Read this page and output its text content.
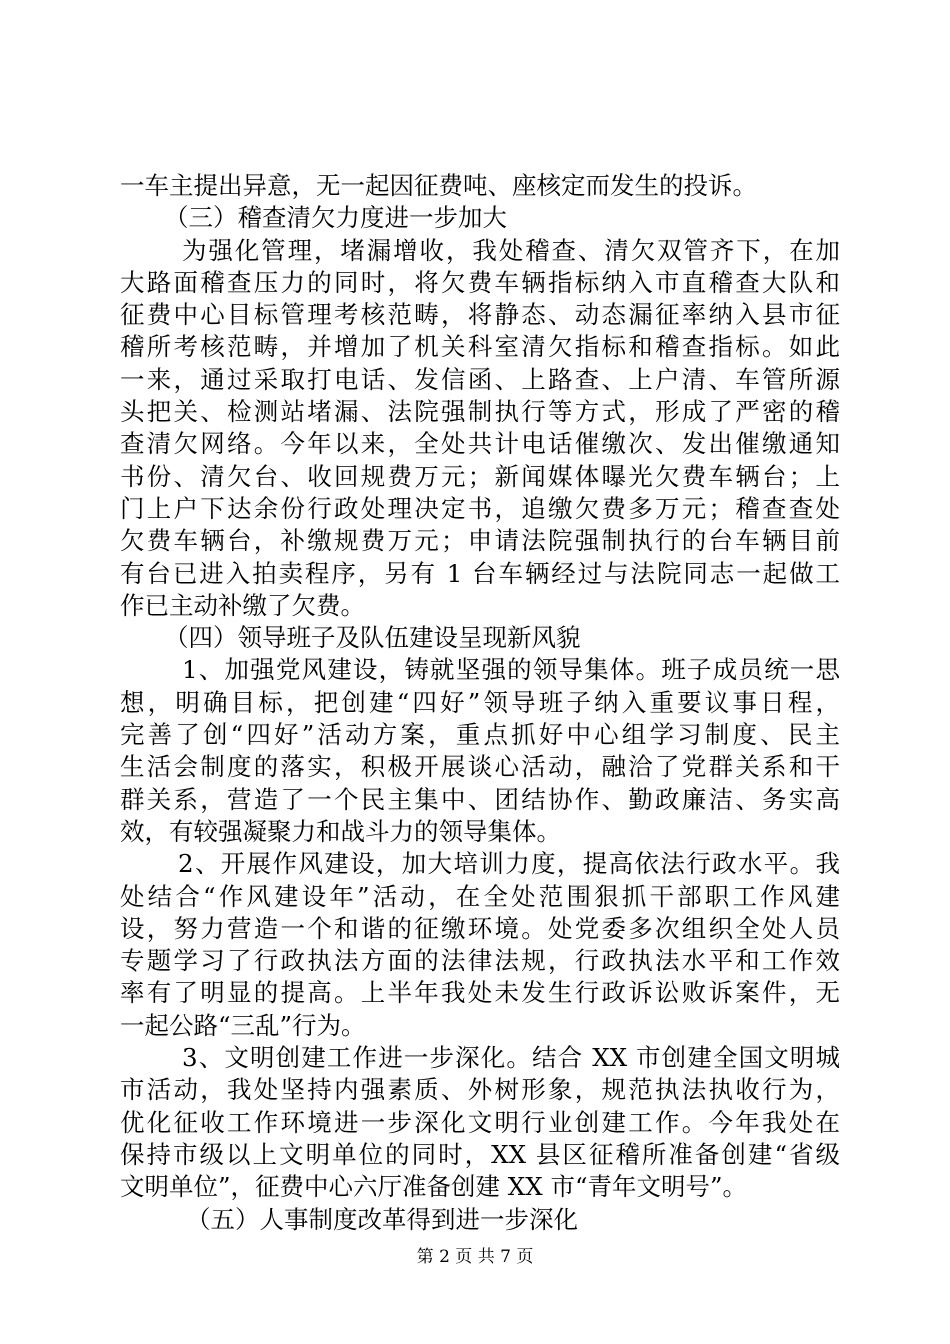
一车主提出异意，无一起因征费吨、座核定而发生的投诉。
（三）稽查清欠力度进一步加大
为强化管理，堵漏增收，我处稽查、清欠双管齐下，在加
大路面稽查压力的同时，将欠费车辆指标纳入市直稽查大队和
征费中心目标管理考核范畴，将静态、动态漏征率纳入县市征
稽所考核范畴，并增加了机关科室清欠指标和稽查指标。如此
一来，通过采取打电话、发信函、上路查、上户清、车管所源
头把关、检测站堵漏、法院强制执行等方式，形成了严密的稽
查清欠网络。今年以来，全处共计电话催缴次、发出催缴通知
书份、清欠台、收回规费万元；新闻媒体曝光欠费车辆台；上
门上户下达余份行政处理决定书，追缴欠费多万元；稽查查处
欠费车辆台，补缴规费万元；申请法院强制执行的台车辆目前
有台已进入拍卖程序，另有 1 台车辆经过与法院同志一起做工
作已主动补缴了欠费。
（四）领导班子及队伍建设呈现新风貌
1、加强党风建设，铸就坚强的领导集体。班子成员统一思
想，明确目标，把创建“四好”领导班子纳入重要议事日程，
完善了创“四好”活动方案，重点抓好中心组学习制度、民主
生活会制度的落实，积极开展谈心活动，融洽了党群关系和干
群关系，营造了一个民主集中、团结协作、勤政廉洁、务实高
效，有较强凝聚力和战斗力的领导集体。
2、开展作风建设，加大培训力度，提高依法行政水平。我
处结合“作风建设年”活动，在全处范围狠抓干部职工作风建
设，努力营造一个和谐的征缴环境。处党委多次组织全处人员
专题学习了行政执法方面的法律法规，行政执法水平和工作效
率有了明显的提高。上半年我处未发生行政诉讼败诉案件，无
一起公路“三乱”行为。
3、文明创建工作进一步深化。结合 XX 市创建全国文明城
市活动，我处坚持内强素质、外树形象，规范执法执收行为，
优化征收工作环境进一步深化文明行业创建工作。今年我处在
保持市级以上文明单位的同时，XX 县区征稽所准备创建“省级
文明单位”，征费中心六厅准备创建 XX 市“青年文明号”。
（五）人事制度改革得到进一步深化
第 2 页 共 7 页
